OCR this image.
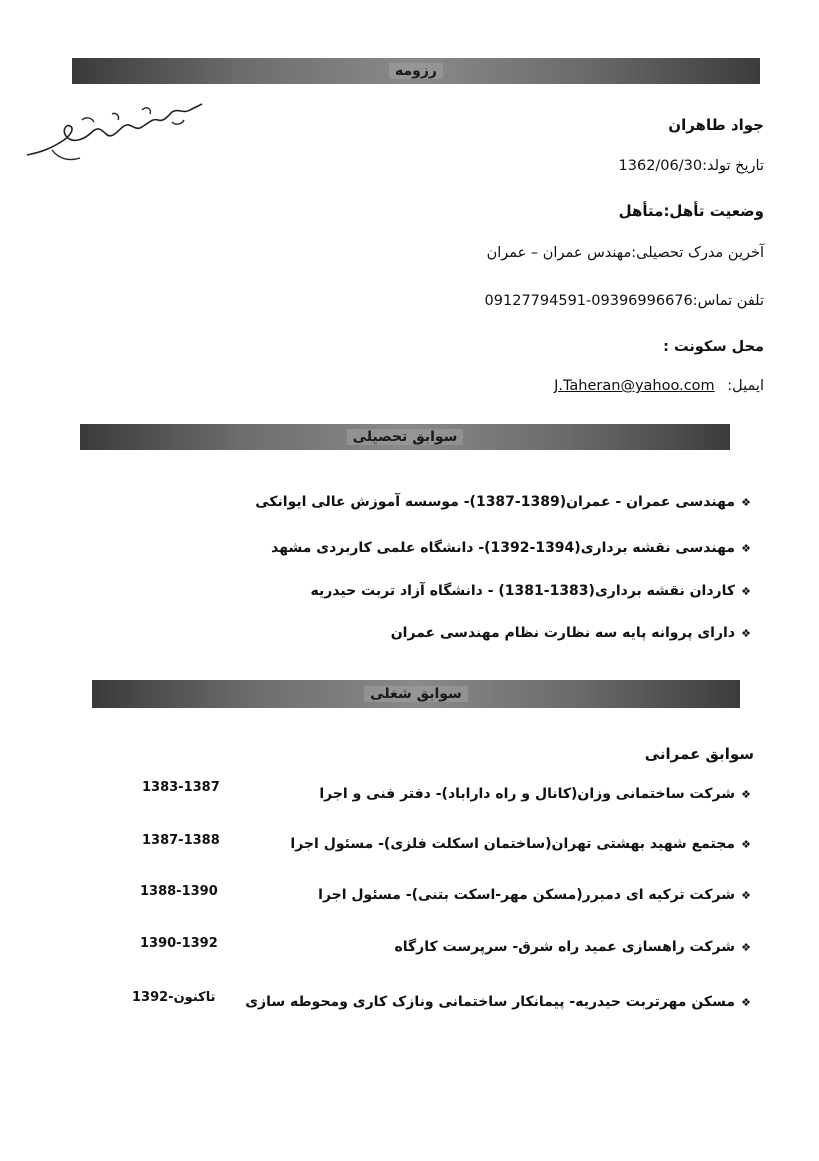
رزومه
جواد طاهران
تاریخ تولد:1362/06/30
وضعیت تأهل:متأهل
آخرین مدرک تحصیلی:مهندس عمران – عمران
تلفن تماس:09396996676-09127794591
محل سکونت :
ایمیل: J.Taheran@yahoo.com
سوابق تحصیلی
❖مهندسی عمران - عمران(1389-1387)- موسسه آموزش عالی ایوانکی
❖مهندسی نقشه برداری(1394-1392)- دانشگاه علمی کاربردی مشهد
❖کاردان نقشه برداری(1383-1381) - دانشگاه آزاد تربت حیدریه
❖دارای پروانه پایه سه نظارت نظام مهندسی عمران
سوابق شغلی
سوابق عمرانی
❖شرکت ساختمانی وزان(کانال و راه داراباد)- دفتر فنی و اجرا
1383-1387
❖مجتمع شهید بهشتی تهران(ساختمان اسکلت فلزی)- مسئول اجرا
1387-1388
❖شرکت ترکیه ای دمیرر(مسکن مهر-اسکت بتنی)- مسئول اجرا
1388-1390
❖شرکت راهسازی عمید راه شرق- سرپرست کارگاه
1390-1392
❖مسکن مهرتربت حیدریه- پیمانکار ساختمانی ونازک کاری ومحوطه سازی
1392-تاکنون
